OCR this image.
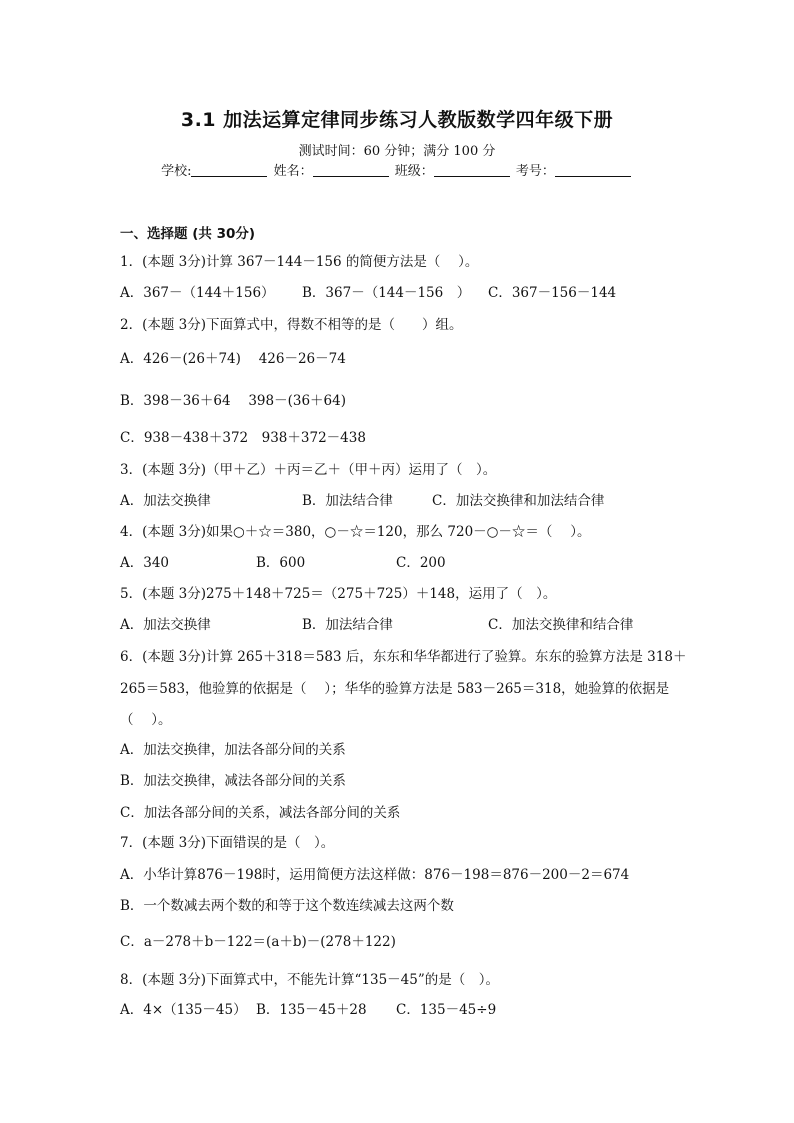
3.1 加法运算定律同步练习人教版数学四年级下册
测试时间：60 分钟；满分 100 分
学校:	姓名：	班级：	考号：
一、选择题 (共 30分)
1．(本题 3分)计算 367－144－156 的简便方法是（　 ）。
A．367－（144＋156） B．367－（144－156　） C．367－156－144
2．(本题 3分)下面算式中，得数不相等的是（　　）组。
A．426－(26＋74)　 426－26－74
B．398－36＋64　 398－(36＋64)
C．938－438＋372　938＋372－438
3．(本题 3分)（甲＋乙）＋丙＝乙＋（甲＋丙）运用了（　）。
A．加法交换律	B．加法结合律	C．加法交换律和加法结合律
4．(本题 3分)如果○＋☆＝380，○－☆＝120，那么 720－○－☆＝（　 ）。
A．340	B．600	C．200
5．(本题 3分)275＋148＋725＝（275＋725）＋148，运用了（　）。
A．加法交换律	B．加法结合律	C．加法交换律和结合律
6．(本题 3分)计算 265＋318＝583 后，东东和华华都进行了验算。东东的验算方法是 318＋
265＝583，他验算的依据是（　 ）；华华的验算方法是 583－265＝318，她验算的依据是
（　 ）。
A．加法交换律，加法各部分间的关系
B．加法交换律，减法各部分间的关系
C．加法各部分间的关系，减法各部分间的关系
7．(本题 3分)下面错误的是（　）。
A．小华计算876－198时，运用简便方法这样做：876－198＝876－200－2＝674
B．一个数减去两个数的和等于这个数连续减去这两个数
C．a－278＋b－122＝(a＋b)－(278＋122)
8．(本题 3分)下面算式中，不能先计算“135－45”的是（　）。
A．4×（135－45） B．135－45＋28 C．135－45÷9
